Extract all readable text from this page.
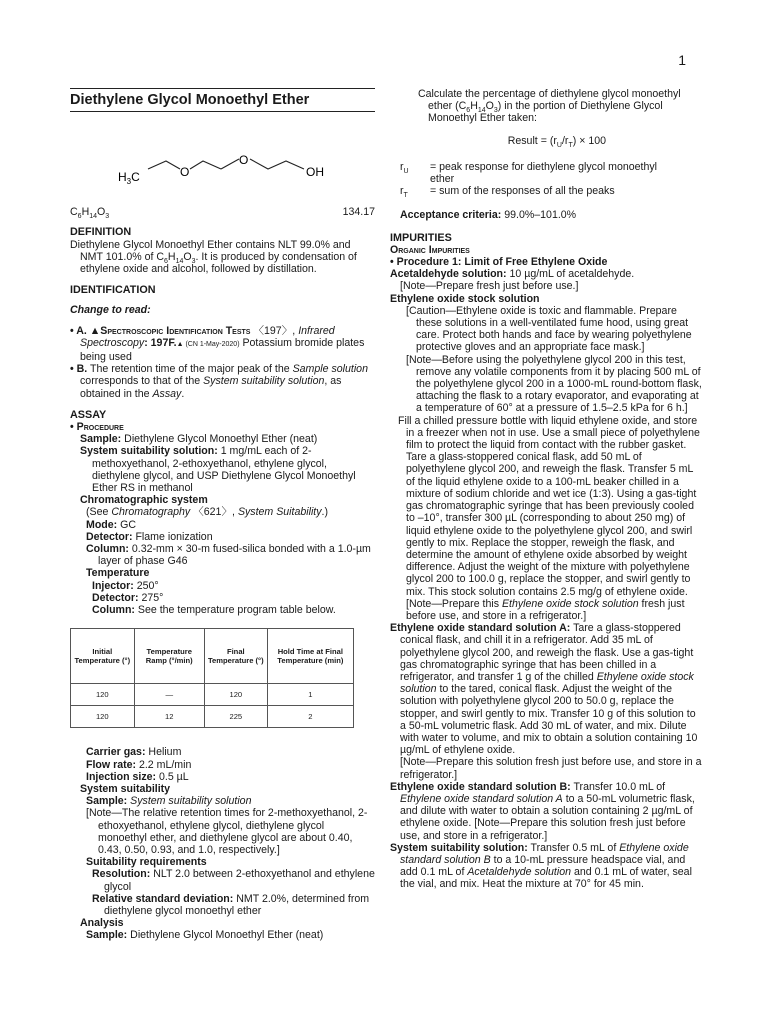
1
Diethylene Glycol Monoethyl Ether
$H_3C$	O
O
OH
$C_6H_{14}O_3$	134.17
DEFINITION

Diethylene Glycol Monoethyl Ether contains NLT 99.0% and NMT 101.0% of $C_6H_{14}O_3$. It is produced by condensation of ethylene oxide and alcohol, followed by distillation.

IDENTIFICATION

Change to read:

• A. ▲Spectroscopic Identification Tests 〈197〉, Infrared Spectroscopy: 197F.▲ (CN 1-May-2020) Potassium bromide plates being used

• B. The retention time of the major peak of the Sample solution corresponds to that of the System suitability solution, as obtained in the Assay.

ASSAY

• Procedure

Sample: Diethylene Glycol Monoethyl Ether (neat)

System suitability solution: 1 mg/mL each of 2-methoxyethanol, 2-ethoxyethanol, ethylene glycol, diethylene glycol, and USP Diethylene Glycol Monoethyl Ether RS in methanol

Chromatographic system

(See Chromatography 〈621〉, System Suitability.)

Mode: GC

Detector: Flame ionization

Column: 0.32-mm × 30-m fused-silica bonded with a 1.0-µm layer of phase G46

Temperature

Injector: 250°

Detector: 275°

Column: See the temperature program table below.

Initial Temperature (°)	Temperature Ramp (°/min)	Final Temperature (°)	Hold Time at Final Temperature (min)
120	—	120	1
120	12	225	2

Carrier gas: Helium

Flow rate: 2.2 mL/min

Injection size: 0.5 µL

System suitability

Sample: System suitability solution

[Note—The relative retention times for 2-methoxyethanol, 2-ethoxyethanol, ethylene glycol, diethylene glycol monoethyl ether, and diethylene glycol are about 0.40, 0.43, 0.50, 0.93, and 1.0, respectively.]

Suitability requirements

Resolution: NLT 2.0 between 2-ethoxyethanol and ethylene glycol

Relative standard deviation: NMT 2.0%, determined from diethylene glycol monoethyl ether

Analysis

Sample: Diethylene Glycol Monoethyl Ether (neat)

Calculate the percentage of diethylene glycol monoethyl ether $(C_6H_{14}O_3)$ in the portion of Diethylene Glycol Monoethyl Ether taken:

Result = $(r_U/r_T) \times 100$

$r_U$	= peak response for diethylene glycol monoethyl ether
$r_T$	= sum of the responses of all the peaks

Acceptance criteria: 99.0%–101.0%

IMPURITIES

Organic Impurities

• Procedure 1: Limit of Free Ethylene Oxide

Acetaldehyde solution: 10 µg/mL of acetaldehyde.

[Note—Prepare fresh just before use.]

Ethylene oxide stock solution

[Caution—Ethylene oxide is toxic and flammable. Prepare these solutions in a well-ventilated fume hood, using great care. Protect both hands and face by wearing polyethylene protective gloves and an appropriate face mask.]

[Note—Before using the polyethylene glycol 200 in this test, remove any volatile components from it by placing 500 mL of the polyethylene glycol 200 in a 1000-mL round-bottom flask, attaching the flask to a rotary evaporator, and evaporating at a temperature of 60° at a pressure of 1.5–2.5 kPa for 6 h.]

Fill a chilled pressure bottle with liquid ethylene oxide, and store in a freezer when not in use. Use a small piece of polyethylene film to protect the liquid from contact with the rubber gasket. Tare a glass-stoppered conical flask, add 50 mL of polyethylene glycol 200, and reweigh the flask. Transfer 5 mL of the liquid ethylene oxide to a 100-mL beaker chilled in a mixture of sodium chloride and wet ice (1:3). Using a gas-tight gas chromatographic syringe that has been previously cooled to –10°, transfer 300 µL (corresponding to about 250 mg) of liquid ethylene oxide to the polyethylene glycol 200, and swirl gently to mix. Replace the stopper, reweigh the flask, and determine the amount of ethylene oxide absorbed by weight difference. Adjust the weight of the mixture with polyethylene glycol 200 to 100.0 g, replace the stopper, and swirl gently to mix. This stock solution contains 2.5 mg/g of ethylene oxide.

[Note—Prepare this Ethylene oxide stock solution fresh just before use, and store in a refrigerator.]

Ethylene oxide standard solution A: Tare a glass-stoppered conical flask, and chill it in a refrigerator. Add 35 mL of polyethylene glycol 200, and reweigh the flask. Use a gas-tight gas chromatographic syringe that has been chilled in a refrigerator, and transfer 1 g of the chilled Ethylene oxide stock solution to the tared, conical flask. Adjust the weight of the solution with polyethylene glycol 200 to 50.0 g, replace the stopper, and swirl gently to mix. Transfer 10 g of this solution to a 50-mL volumetric flask. Add 30 mL of water, and mix. Dilute with water to volume, and mix to obtain a solution containing 10 µg/mL of ethylene oxide.

[Note—Prepare this solution fresh just before use, and store in a refrigerator.]

Ethylene oxide standard solution B: Transfer 10.0 mL of Ethylene oxide standard solution A to a 50-mL volumetric flask, and dilute with water to obtain a solution containing 2 µg/mL of ethylene oxide. [Note—Prepare this solution fresh just before use, and store in a refrigerator.]

System suitability solution: Transfer 0.5 mL of Ethylene oxide standard solution B to a 10-mL pressure headspace vial, and add 0.1 mL of Acetaldehyde solution and 0.1 mL of water, seal the vial, and mix. Heat the mixture at 70° for 45 min.
